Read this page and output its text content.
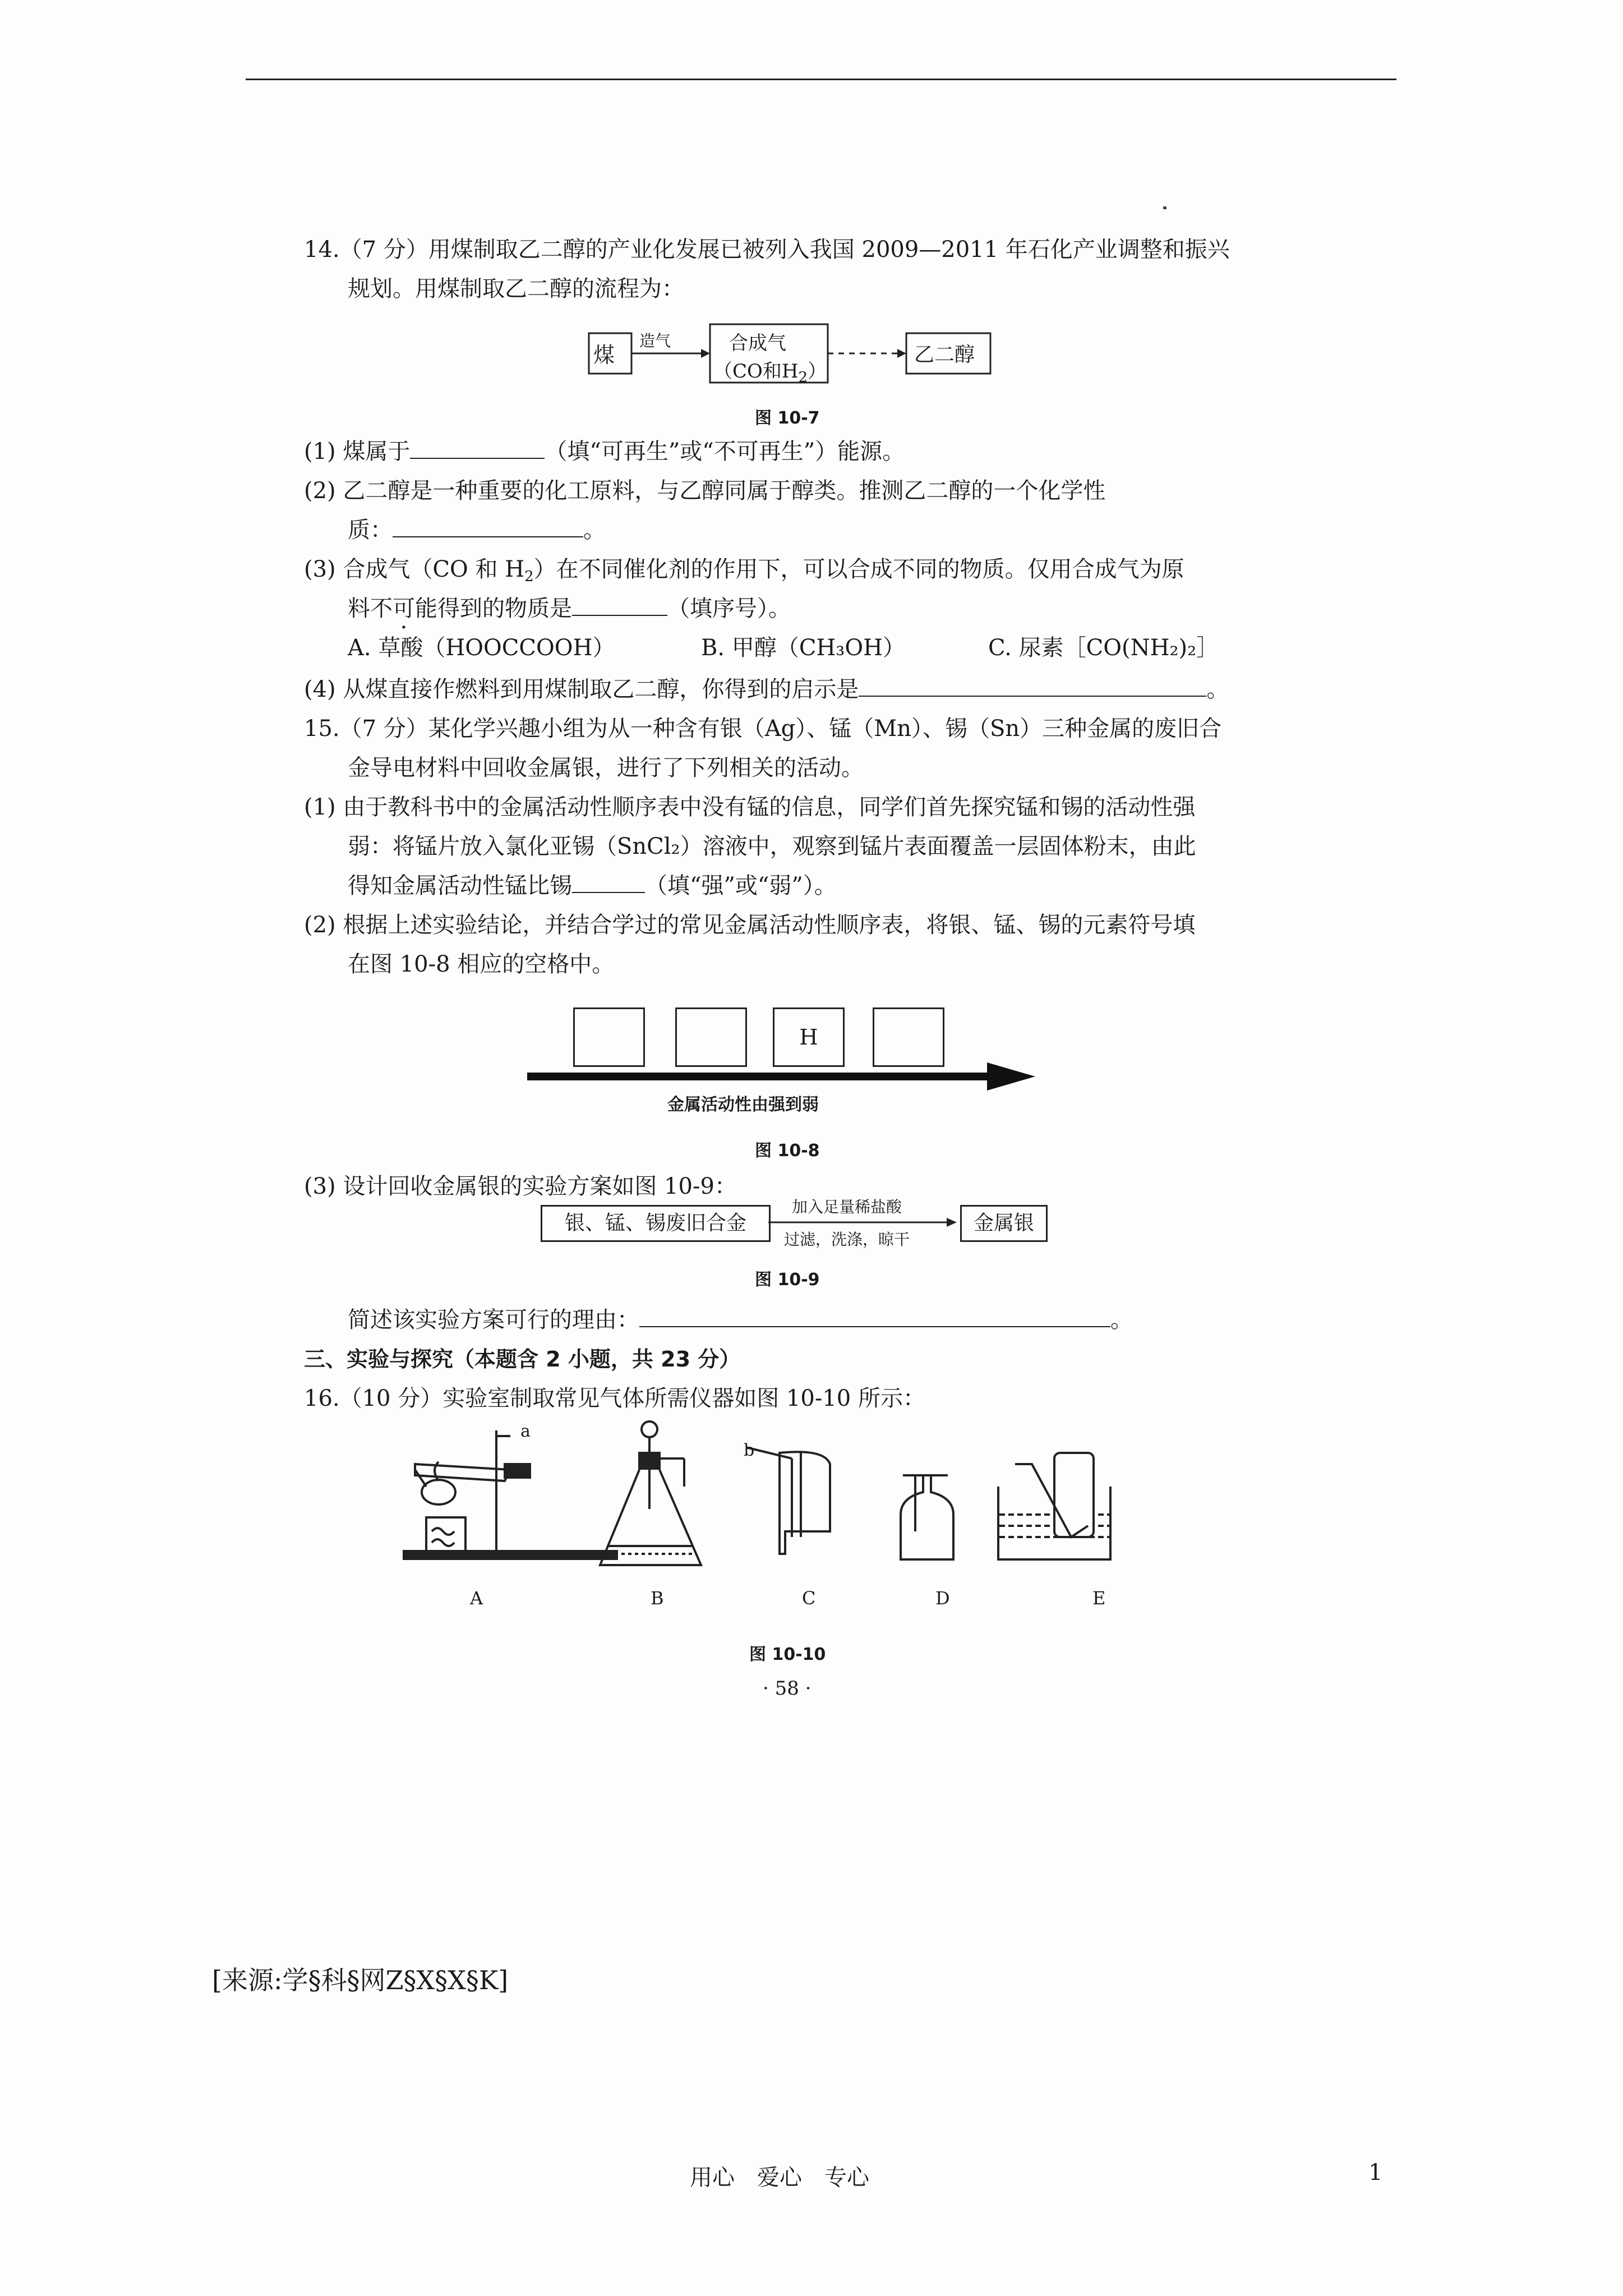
14.（7 分）用煤制取乙二醇的产业化发展已被列入我国 2009—2011 年石化产业调整和振兴
规划。用煤制取乙二醇的流程为：
煤
造气	合成气
（CO和$H_2$）
乙二醇
图 10-7
(1) 煤属于	（填“可再生”或“不可再生”）能源。
(2) 乙二醇是一种重要的化工原料，与乙醇同属于醇类。推测乙二醇的一个化学性
质：	。
(3) 合成气（CO 和 $H_2$）在不同催化剂的作用下，可以合成不同的物质。仅用合成气为原
料不可能得到的物质是	（填序号）。
A. 草酸（HOOCCOOH）	B. 甲醇（CH₃OH）	C. 尿素［CO(NH₂)₂］
(4) 从煤直接作燃料到用煤制取乙二醇，你得到的启示是	。
15.（7 分）某化学兴趣小组为从一种含有银（Ag）、锰（Mn）、锡（Sn）三种金属的废旧合
金导电材料中回收金属银，进行了下列相关的活动。
(1) 由于教科书中的金属活动性顺序表中没有锰的信息，同学们首先探究锰和锡的活动性强
弱：将锰片放入氯化亚锡（SnCl₂）溶液中，观察到锰片表面覆盖一层固体粉末，由此
得知金属活动性锰比锡	（填“强”或“弱”）。
(2) 根据上述实验结论，并结合学过的常见金属活动性顺序表，将银、锰、锡的元素符号填
在图 10-8 相应的空格中。
H
金属活动性由强到弱
图 10-8
(3) 设计回收金属银的实验方案如图 10-9：
银、锰、锡废旧合金
加入足量稀盐酸
过滤，洗涤，晾干
金属银
图 10-9
简述该实验方案可行的理由：	。
三、实验与探究（本题含 2 小题，共 23 分）
16.（10 分）实验室制取常见气体所需仪器如图 10-10 所示：
a
b
A	B	C	D	E
图 10-10
· 58 ·
[来源:学§科§网Z§X§X§K]
用心　爱心　专心	1
